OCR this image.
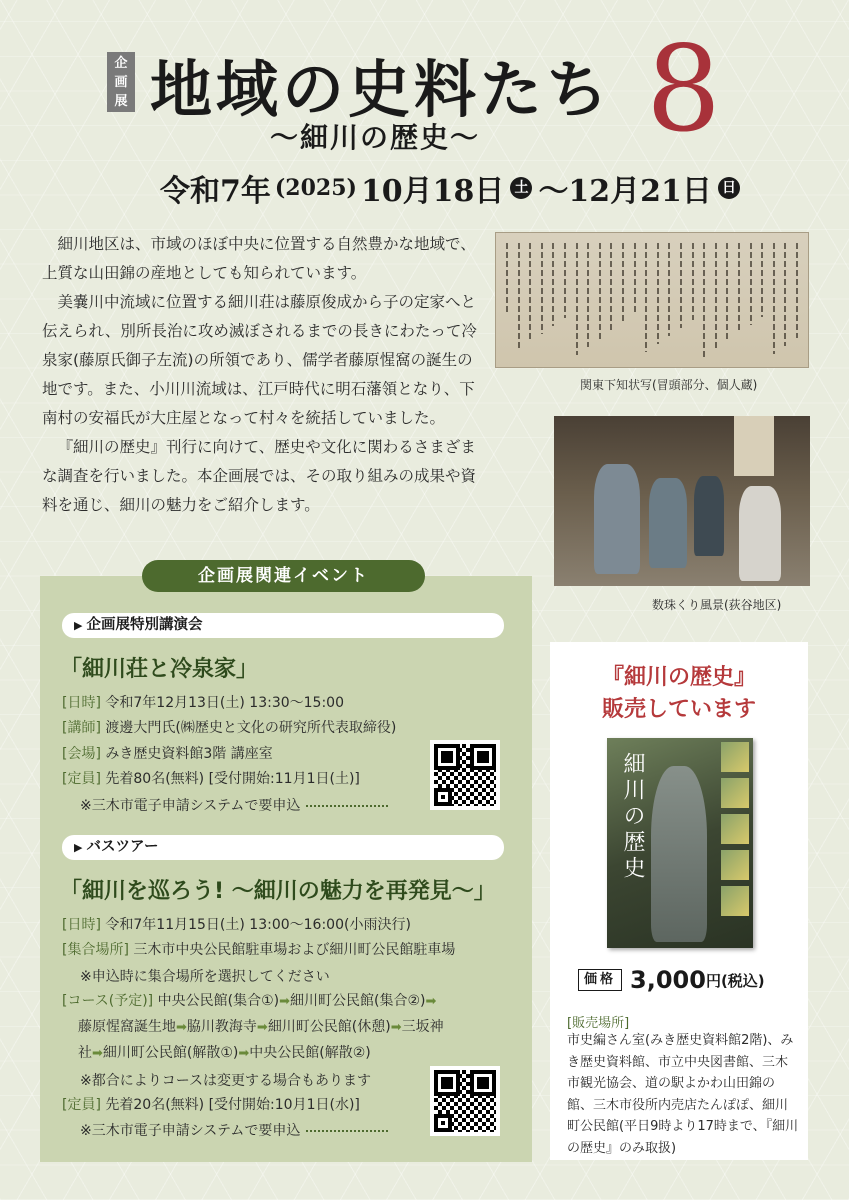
企
画
展 地域の史料たち 8
〜細川の歴史〜
令和7年 (2025) 10月18日 土 〜12月21日 日

細川地区は、市域のほぼ中央に位置する自然豊かな地域で、上質な山田錦の産地としても知られています。

美嚢川中流域に位置する細川荘は藤原俊成から子の定家へと伝えられ、別所長治に攻め滅ぼされるまでの長きにわたって冷泉家(藤原氏御子左流)の所領であり、儒学者藤原惺窩の誕生の地です。また、小川川流域は、江戸時代に明石藩領となり、下南村の安福氏が大庄屋となって村々を統括していました。

『細川の歴史』刊行に向けて、歴史や文化に関わるさまざまな調査を行いました。本企画展では、その取り組みの成果や資料を通じ、細川の魅力をご紹介します。

関東下知状写(冒頭部分、個人蔵)
数珠くり風景(荻谷地区)
企画展関連イベント
▶ 企画展特別講演会
「細川荘と冷泉家」
[日時] 令和7年12月13日(土) 13:30〜15:00
[講師] 渡邊大門氏(㈱歴史と文化の研究所代表取締役)
[会場] みき歴史資料館3階 講座室
[定員] 先着80名(無料) [受付開始:11月1日(土)]
※三木市電子申請システムで要申込
▶ バスツアー
「細川を巡ろう! 〜細川の魅力を再発見〜」
[日時] 令和7年11月15日(土) 13:00〜16:00(小雨決行)
[集合場所] 三木市中央公民館駐車場および細川町公民館駐車場
※申込時に集合場所を選択してください
[コース(予定)] 中央公民館(集合①)➡細川町公民館(集合②)➡
藤原惺窩誕生地➡脇川教海寺➡細川町公民館(休憩)➡三坂神
社➡細川町公民館(解散①)➡中央公民館(解散②)
※都合によりコースは変更する場合もあります
[定員] 先着20名(無料) [受付開始:10月1日(水)]
※三木市電子申請システムで要申込
『細川の歴史』
販売しています
細川の歴史
価格 3,000 円(税込)
[販売場所]
市史編さん室(みき歴史資料館2階)、みき歴史資料館、市立中央図書館、三木市観光協会、道の駅よかわ山田錦の館、三木市役所内売店たんぽぽ、細川町公民館(平日9時より17時まで、『細川の歴史』のみ取扱)
